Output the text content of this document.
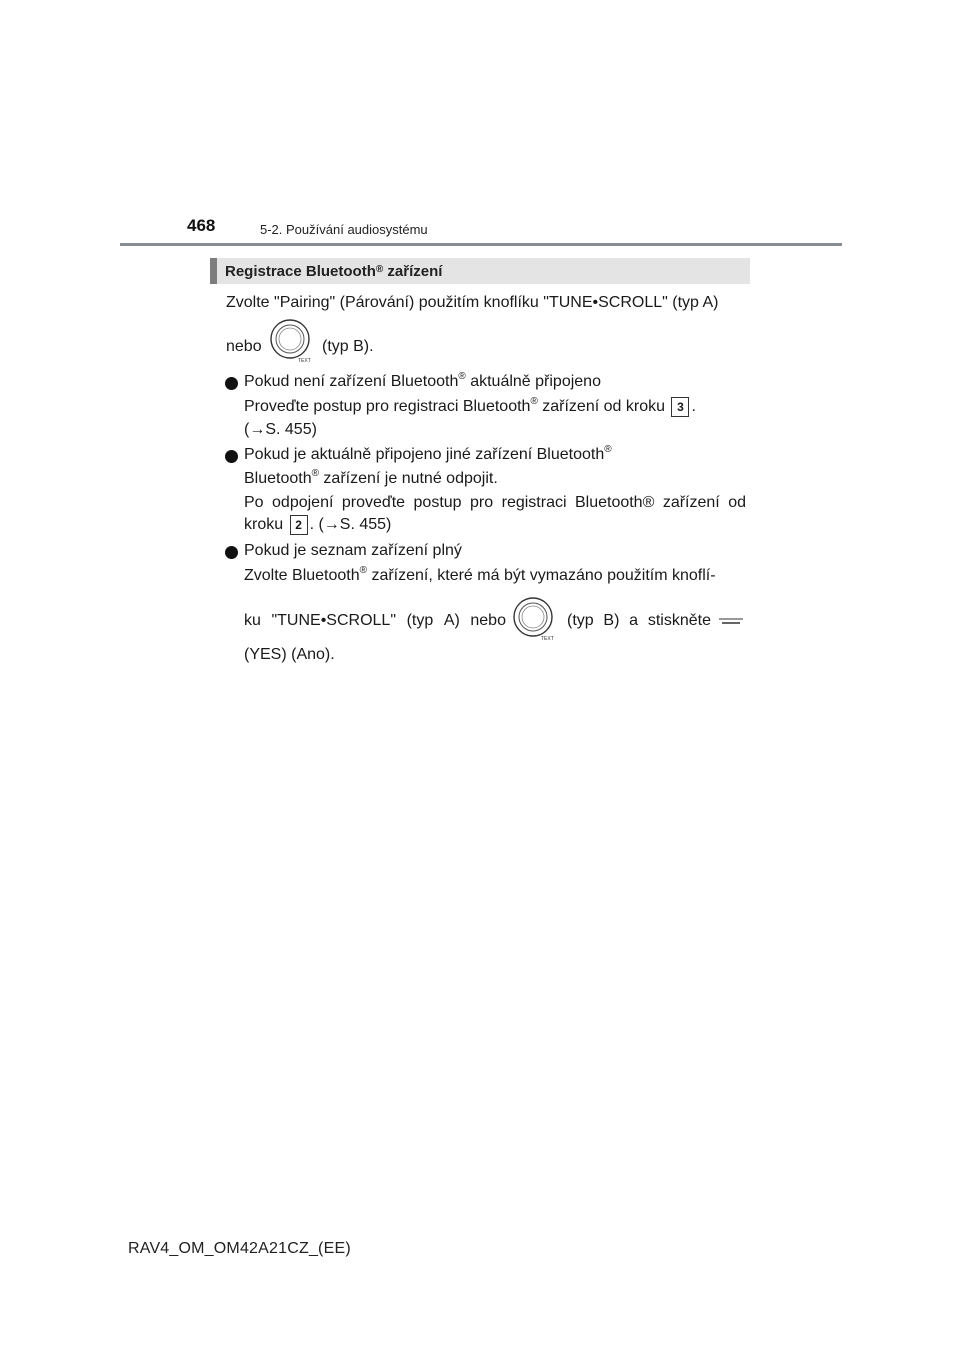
468	5-2. Používání audiosystému
Registrace Bluetooth® zařízení
Zvolte "Pairing" (Párování) použitím knoflíku "TUNE•SCROLL" (typ A)
nebo
TEXT
(typ B).
Pokud není zařízení Bluetooth® aktuálně připojeno
Proveďte postup pro registraci Bluetooth® zařízení od kroku 3 .
(→S. 455)
Pokud je aktuálně připojeno jiné zařízení Bluetooth®
Bluetooth® zařízení je nutné odpojit.
Po odpojení proveďte postup pro registraci Bluetooth® zařízení od
kroku 2 . (→S. 455)
Pokud je seznam zařízení plný
Zvolte Bluetooth® zařízení, které má být vymazáno použitím knoflí-
ku "TUNE•SCROLL" (typ A) nebo
TEXT
(typ B) a stiskněte
(YES) (Ano).
RAV4_OM_OM42A21CZ_(EE)
